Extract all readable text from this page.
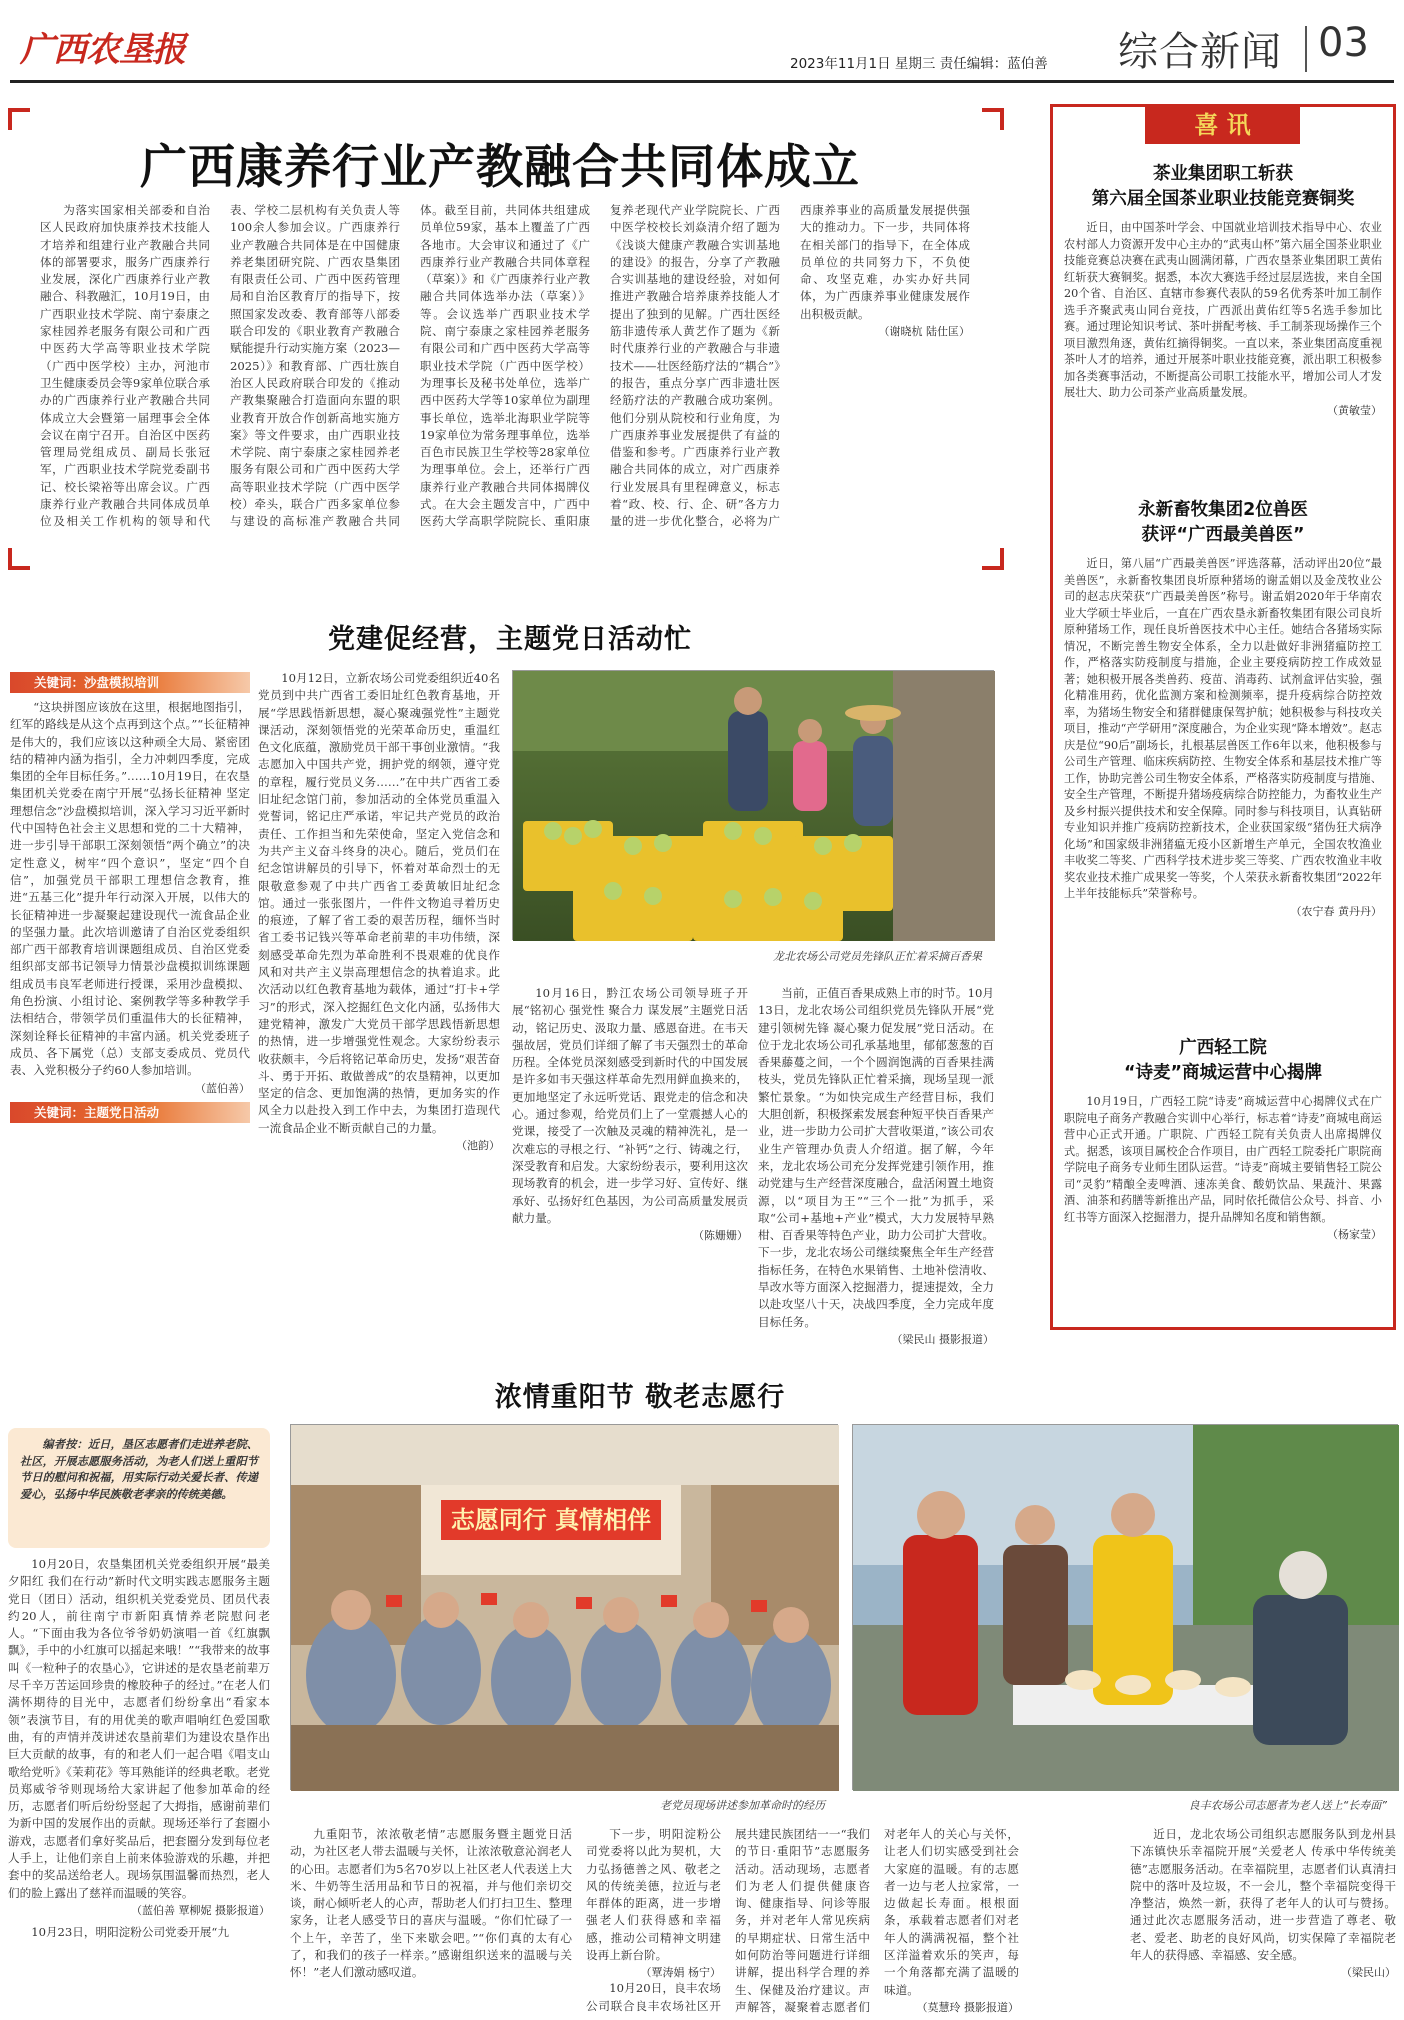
广西农垦报	2023年11月1日 星期三 责任编辑：蓝伯善 综合新闻 03
广西康养行业产教融合共同体成立
为落实国家相关部委和自治区人民政府加快康养技术技能人才培养和组建行业产教融合共同体的部署要求，服务广西康养行业发展，深化广西康养行业产教融合、科教融汇，10月19日，由广西职业技术学院、南宁泰康之家桂园养老服务有限公司和广西中医药大学高等职业技术学院（广西中医学校）主办，河池市卫生健康委员会等9家单位联合承办的广西康养行业产教融合共同体成立大会暨第一届理事会全体会议在南宁召开。自治区中医药管理局党组成员、副局长张冠军，广西职业技术学院党委副书记、校长梁裕等出席会议。广西康养行业产教融合共同体成员单位及相关工作机构的领导和代表、学校二层机构有关负责人等100余人参加会议。广西康养行业产教融合共同体是在中国健康养老集团研究院、广西农垦集团有限责任公司、广西中医药管理局和自治区教育厅的指导下，按照国家发改委、教育部等八部委联合印发的《职业教育产教融合赋能提升行动实施方案（2023—2025）》和教育部、广西壮族自治区人民政府联合印发的《推动产教集聚融合打造面向东盟的职业教育开放合作创新高地实施方案》等文件要求，由广西职业技术学院、南宁泰康之家桂园养老服务有限公司和广西中医药大学高等职业技术学院（广西中医学校）牵头，联合广西多家单位参与建设的高标准产教融合共同体。截至目前，共同体共组建成员单位59家，基本上覆盖了广西各地市。大会审议和通过了《广西康养行业产教融合共同体章程（草案）》和《广西康养行业产教融合共同体选举办法（草案）》等。会议选举广西职业技术学院、南宁泰康之家桂园养老服务有限公司和广西中医药大学高等职业技术学院（广西中医学校）为理事长及秘书处单位，选举广西中医药大学等10家单位为副理事长单位，选举北海职业学院等19家单位为常务理事单位，选举百色市民族卫生学校等28家单位为理事单位。会上，还举行广西康养行业产教融合共同体揭牌仪式。在大会主题发言中，广西中医药大学高职学院院长、重阳康复养老现代产业学院院长、广西中医学校校长刘焱清介绍了题为《浅谈大健康产教融合实训基地的建设》的报告，分享了产教融合实训基地的建设经验，对如何推进产教融合培养康养技能人才提出了独到的见解。广西壮医经筋非遗传承人黄艺作了题为《新时代康养行业的产教融合与非遗技术——壮医经筋疗法的“耦合”》的报告，重点分享广西非遗壮医经筋疗法的产教融合成功案例。他们分别从院校和行业角度，为广西康养事业发展提供了有益的借鉴和参考。广西康养行业产教融合共同体的成立，对广西康养行业发展具有里程碑意义，标志着“政、校、行、企、研”各方力量的进一步优化整合，必将为广西康养事业的高质量发展提供强大的推动力。下一步，共同体将在相关部门的指导下，在全体成员单位的共同努力下，不负使命、攻坚克难，办实办好共同体，为广西康养事业健康发展作出积极贡献。
（谢晓杭 陆仕匡）
喜 讯
茶业集团职工斩获
第六届全国茶业职业技能竞赛铜奖
近日，由中国茶叶学会、中国就业培训技术指导中心、农业农村部人力资源开发中心主办的“武夷山杯”第六届全国茶业职业技能竞赛总决赛在武夷山圆满闭幕，广西农垦茶业集团职工黄佑红斩获大赛铜奖。据悉，本次大赛选手经过层层选拔，来自全国20个省、自治区、直辖市参赛代表队的59名优秀茶叶加工制作选手齐聚武夷山同台竞技，广西派出黄佑红等5名选手参加比赛。通过理论知识考试、茶叶拼配考核、手工制茶现场操作三个项目激烈角逐，黄佑红摘得铜奖。一直以来，茶业集团高度重视茶叶人才的培养，通过开展茶叶职业技能竞赛，派出职工积极参加各类赛事活动，不断提高公司职工技能水平，增加公司人才发展壮大、助力公司茶产业高质量发展。
（黄敏莹）
永新畜牧集团2位兽医
获评“广西最美兽医”
近日，第八届“广西最美兽医”评选落幕，活动评出20位“最美兽医”，永新畜牧集团良圻原种猪场的谢孟娟以及金茂牧业公司的赵志庆荣获“广西最美兽医”称号。谢孟娟2020年于华南农业大学硕士毕业后，一直在广西农垦永新畜牧集团有限公司良圻原种猪场工作，现任良圻兽医技术中心主任。她结合各猪场实际情况，不断完善生物安全体系，全力以赴做好非洲猪瘟防控工作，严格落实防疫制度与措施，企业主要疫病防控工作成效显著；她积极开展各类兽药、疫苗、消毒药、试剂盒评估实验，强化精准用药，优化监测方案和检测频率，提升疫病综合防控效率，为猪场生物安全和猪群健康保驾护航；她积极参与科技攻关项目，推动“产学研用”深度融合，为企业实现“降本增效”。赵志庆是位“90后”副场长，扎根基层兽医工作6年以来，他积极参与公司生产管理、临床疾病防控、生物安全体系和基层技术推广等工作，协助完善公司生物安全体系，严格落实防疫制度与措施、安全生产管理，不断提升猪场疫病综合防控能力，为畜牧业生产及乡村振兴提供技术和安全保障。同时参与科技项目，认真钻研专业知识并推广疫病防控新技术，企业获国家级“猪伪狂犬病净化场”和国家级非洲猪瘟无疫小区新增生产单元，全国农牧渔业丰收奖二等奖、广西科学技术进步奖三等奖、广西农牧渔业丰收奖农业技术推广成果奖一等奖，个人荣获永新畜牧集团“2022年上半年技能标兵”荣誉称号。
（农宁春 黄丹丹）
广西轻工院
“诗麦”商城运营中心揭牌
10月19日，广西轻工院“诗麦”商城运营中心揭牌仪式在广职院电子商务产教融合实训中心举行，标志着“诗麦”商城电商运营中心正式开通。广职院、广西轻工院有关负责人出席揭牌仪式。据悉，该项目属校企合作项目，由广西轻工院委托广职院商学院电子商务专业师生团队运营。“诗麦”商城主要销售轻工院公司“灵豹”精酿全麦啤酒、速冻美食、酸奶饮品、果蔬汁、果露酒、油茶和药膳等新推出产品，同时依托微信公众号、抖音、小红书等方面深入挖掘潜力，提升品牌知名度和销售额。
（杨家莹）
党建促经营，主题党日活动忙
关键词：沙盘模拟培训
“这块拼图应该放在这里，根据地图指引，红军的路线是从这个点再到这个点。”“长征精神是伟大的，我们应该以这种顽全大局、紧密团结的精神内涵为指引，全力冲刺四季度，完成集团的全年目标任务。”……10月19日，在农垦集团机关党委在南宁开展“弘扬长征精神 坚定理想信念”沙盘模拟培训，深入学习习近平新时代中国特色社会主义思想和党的二十大精神，进一步引导干部职工深刻领悟“两个确立”的决定性意义，树牢“四个意识”，坚定“四个自信”，加强党员干部职工理想信念教育，推进“五基三化”提升年行动深入开展，以伟大的长征精神进一步凝聚起建设现代一流食品企业的坚强力量。此次培训邀请了自治区党委组织部广西干部教育培训课题组成员、自治区党委组织部支部书记领导力情景沙盘模拟训练课题组成员韦良军老师进行授课，采用沙盘模拟、角色扮演、小组讨论、案例教学等多种教学手法相结合，带领学员们重温伟大的长征精神，深刻诠释长征精神的丰富内涵。机关党委班子成员、各下属党（总）支部支委成员、党员代表、入党积极分子约60人参加培训。
（蓝伯善）
关键词：主题党日活动
10月12日，立新农场公司党委组织近40名党员到中共广西省工委旧址红色教育基地，开展“学思践悟新思想，凝心聚魂强党性”主题党课活动，深刻领悟党的光荣革命历史，重温红色文化底蕴，激励党员干部干事创业激情。“我志愿加入中国共产党，拥护党的纲领，遵守党的章程，履行党员义务……”在中共广西省工委旧址纪念馆门前，参加活动的全体党员重温入党誓词，铭记庄严承诺，牢记共产党员的政治责任、工作担当和先荣使命，坚定入党信念和为共产主义奋斗终身的决心。随后，党员们在纪念馆讲解员的引导下，怀着对革命烈士的无限敬意参观了中共广西省工委黄敏旧址纪念馆。通过一张张图片，一件件文物追寻着历史的痕迹，了解了省工委的艰苦历程，缅怀当时省工委书记钱兴等革命老前辈的丰功伟绩，深刻感受革命先烈为革命胜利不畏艰难的优良作风和对共产主义崇高理想信念的执着追求。此次活动以红色教育基地为载体，通过“打卡+学习”的形式，深入挖掘红色文化内涵，弘扬伟大建党精神，激发广大党员干部学思践悟新思想的热情，进一步增强党性观念。大家纷纷表示收获颇丰，今后将铭记革命历史，发扬“艰苦奋斗、勇于开拓、敢做善成”的农垦精神，以更加坚定的信念、更加饱满的热情，更加务实的作风全力以赴投入到工作中去，为集团打造现代一流食品企业不断贡献自己的力量。
（池韵）
龙北农场公司党员先锋队正忙着采摘百香果
10月16日，黔江农场公司领导班子开展“铭初心 强党性 聚合力 谋发展”主题党日活动，铭记历史、汲取力量、感恩奋进。在韦天强故居，党员们详细了解了韦天强烈士的革命历程。全体党员深刻感受到新时代的中国发展是许多如韦天强这样革命先烈用鲜血换来的，更加地坚定了永远听党话、跟党走的信念和决心。通过参观，给党员们上了一堂震撼人心的党课，接受了一次触及灵魂的精神洗礼，是一次难忘的寻根之行、“补钙”之行、铸魂之行，深受教育和启发。大家纷纷表示，要利用这次现场教育的机会，进一步学习好、宣传好、继承好、弘扬好红色基因，为公司高质量发展贡献力量。
（陈姗姗）
当前，正值百香果成熟上市的时节。10月13日，龙北农场公司组织党员先锋队开展“党建引领树先锋 凝心聚力促发展”党日活动。在位于龙北农场公司孔承基地里，郁郁葱葱的百香果藤蔓之间，一个个圆润饱满的百香果挂满枝头，党员先锋队正忙着采摘，现场呈现一派繁忙景象。“为如快完成生产经营目标，我们大胆创新，积极探索发展套种短平快百香果产业，进一步助力公司扩大营收渠道，”该公司农业生产管理办负责人介绍道。据了解，今年来，龙北农场公司充分发挥党建引领作用，推动党建与生产经营深度融合，盘活闲置土地资源，以“项目为王”“三个一批”为抓手，采取“公司+基地+产业”模式，大力发展特早熟柑、百香果等特色产业，助力公司扩大营收。下一步，龙北农场公司继续聚焦全年生产经营指标任务，在特色水果销售、土地补偿清收、旱改水等方面深入挖掘潜力，提速提效，全力以赴攻坚八十天，决战四季度，全力完成年度目标任务。
（梁民山 摄影报道）
浓情重阳节 敬老志愿行
编者按：近日，垦区志愿者们走进养老院、社区，开展志愿服务活动，为老人们送上重阳节节日的慰问和祝福，用实际行动关爱长者、传递爱心，弘扬中华民族敬老孝亲的传统美德。
10月20日，农垦集团机关党委组织开展“最美夕阳红 我们在行动”新时代文明实践志愿服务主题党日（团日）活动，组织机关党委党员、团员代表约20人，前往南宁市新阳真情养老院慰问老人。“下面由我为各位爷爷奶奶演唱一首《红旗飘飘》，手中的小红旗可以摇起来哦！”“我带来的故事叫《一粒种子的农垦心》，它讲述的是农垦老前辈万尽千辛万苦运回珍贵的橡胶种子的经过。”在老人们满怀期待的目光中，志愿者们纷纷拿出“看家本领”表演节目，有的用优美的歌声唱响红色爱国歌曲，有的声情并茂讲述农垦前辈们为建设农垦作出巨大贡献的故事，有的和老人们一起合唱《唱支山歌给党听》《茉莉花》等耳熟能详的经典老歌。老党员郑威爷爷则现场给大家讲起了他参加革命的经历，志愿者们听后纷纷竖起了大拇指，感谢前辈们为新中国的发展作出的贡献。现场还举行了套圈小游戏，志愿者们拿好奖品后，把套圈分发到每位老人手上，让他们亲自上前来体验游戏的乐趣，并把套中的奖品送给老人。现场氛围温馨而热烈，老人们的脸上露出了慈祥而温暖的笑容。
（蓝伯善 覃柳妮 摄影报道）
10月23日，明阳淀粉公司党委开展“九
志愿同行 真情相伴
老党员现场讲述参加革命时的经历	良丰农场公司志愿者为老人送上“长寿面”
九重阳节，浓浓敬老情”志愿服务暨主题党日活动，为社区老人带去温暖与关怀，让浓浓敬意沁润老人的心田。志愿者们为5名70岁以上社区老人代表送上大米、牛奶等生活用品和节日的祝福，并与他们亲切交谈，耐心倾听老人的心声，帮助老人们打扫卫生、整理家务，让老人感受节日的喜庆与温暖。“你们忙碌了一个上午，辛苦了，坐下来歇会吧。”“你们真的太有心了，和我们的孩子一样亲。”感谢组织送来的温暖与关怀！”老人们激动感叹道。
下一步，明阳淀粉公司党委将以此为契机，大力弘扬德善之风、敬老之风的传统美德，拉近与老年群体的距离，进一步增强老人们获得感和幸福感，推动公司精神文明建设再上新台阶。
（覃涛娟 杨宁）
10月20日，良丰农场公司联合良丰农场社区开展共建民族团结一一“我们的节日·重阳节”志愿服务活动。活动现场，志愿者们为老人们提供健康咨询、健康指导、问诊等服务，并对老年人常见疾病的早期症状、日常生活中如何防治等问题进行详细讲解，提出科学合理的养生、保健及治疗建议。声声解答，凝聚着志愿者们对老年人的关心与关怀，让老人们切实感受到社会大家庭的温暖。有的志愿者一边与老人拉家常，一边做起长寿面。根根面条，承载着志愿者们对老年人的满满祝福，整个社区洋溢着欢乐的笑声，每一个角落都充满了温暖的味道。
（莫慧玲 摄影报道）
近日，龙北农场公司组织志愿服务队到龙州县下冻镇快乐幸福院开展“关爱老人 传承中华传统美德”志愿服务活动。在幸福院里，志愿者们认真清扫院中的落叶及垃圾，不一会儿，整个幸福院变得干净整洁，焕然一新，获得了老年人的认可与赞扬。通过此次志愿服务活动，进一步营造了尊老、敬老、爱老、助老的良好风尚，切实保障了幸福院老年人的获得感、幸福感、安全感。
（梁民山）
